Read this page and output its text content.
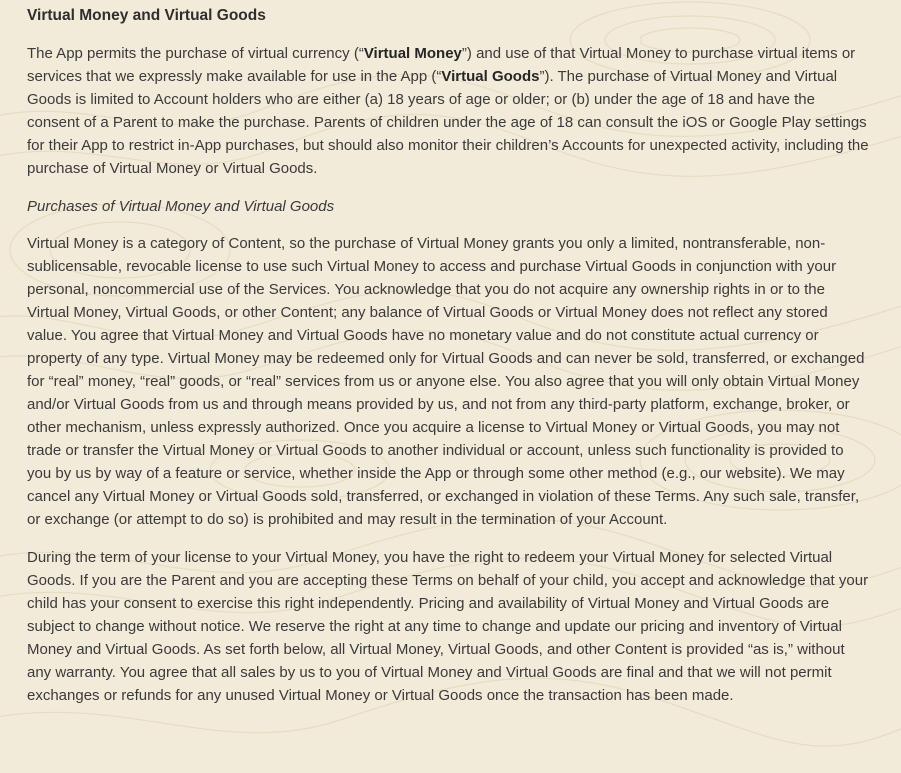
Virtual Money and Virtual Goods

The App permits the purchase of virtual currency (“Virtual Money”) and use of that Virtual Money to purchase virtual items or services that we expressly make available for use in the App (“Virtual Goods”). The purchase of Virtual Money and Virtual Goods is limited to Account holders who are either (a) 18 years of age or older; or (b) under the age of 18 and have the consent of a Parent to make the purchase. Parents of children under the age of 18 can consult the iOS or Google Play settings for their App to restrict in-App purchases, but should also monitor their children’s Accounts for unexpected activity, including the purchase of Virtual Money or Virtual Goods.

Purchases of Virtual Money and Virtual Goods

Virtual Money is a category of Content, so the purchase of Virtual Money grants you only a limited, nontransferable, non-sublicensable, revocable license to use such Virtual Money to access and purchase Virtual Goods in conjunction with your personal, noncommercial use of the Services. You acknowledge that you do not acquire any ownership rights in or to the Virtual Money, Virtual Goods, or other Content; any balance of Virtual Goods or Virtual Money does not reflect any stored value. You agree that Virtual Money and Virtual Goods have no monetary value and do not constitute actual currency or property of any type. Virtual Money may be redeemed only for Virtual Goods and can never be sold, transferred, or exchanged for “real” money, “real” goods, or “real” services from us or anyone else. You also agree that you will only obtain Virtual Money and/or Virtual Goods from us and through means provided by us, and not from any third-party platform, exchange, broker, or other mechanism, unless expressly authorized. Once you acquire a license to Virtual Money or Virtual Goods, you may not trade or transfer the Virtual Money or Virtual Goods to another individual or account, unless such functionality is provided to you by us by way of a feature or service, whether inside the App or through some other method (e.g., our website). We may cancel any Virtual Money or Virtual Goods sold, transferred, or exchanged in violation of these Terms. Any such sale, transfer, or exchange (or attempt to do so) is prohibited and may result in the termination of your Account.

During the term of your license to your Virtual Money, you have the right to redeem your Virtual Money for selected Virtual Goods. If you are the Parent and you are accepting these Terms on behalf of your child, you accept and acknowledge that your child has your consent to exercise this right independently. Pricing and availability of Virtual Money and Virtual Goods are subject to change without notice. We reserve the right at any time to change and update our pricing and inventory of Virtual Money and Virtual Goods. As set forth below, all Virtual Money, Virtual Goods, and other Content is provided “as is,” without any warranty. You agree that all sales by us to you of Virtual Money and Virtual Goods are final and that we will not permit exchanges or refunds for any unused Virtual Money or Virtual Goods once the transaction has been made.
